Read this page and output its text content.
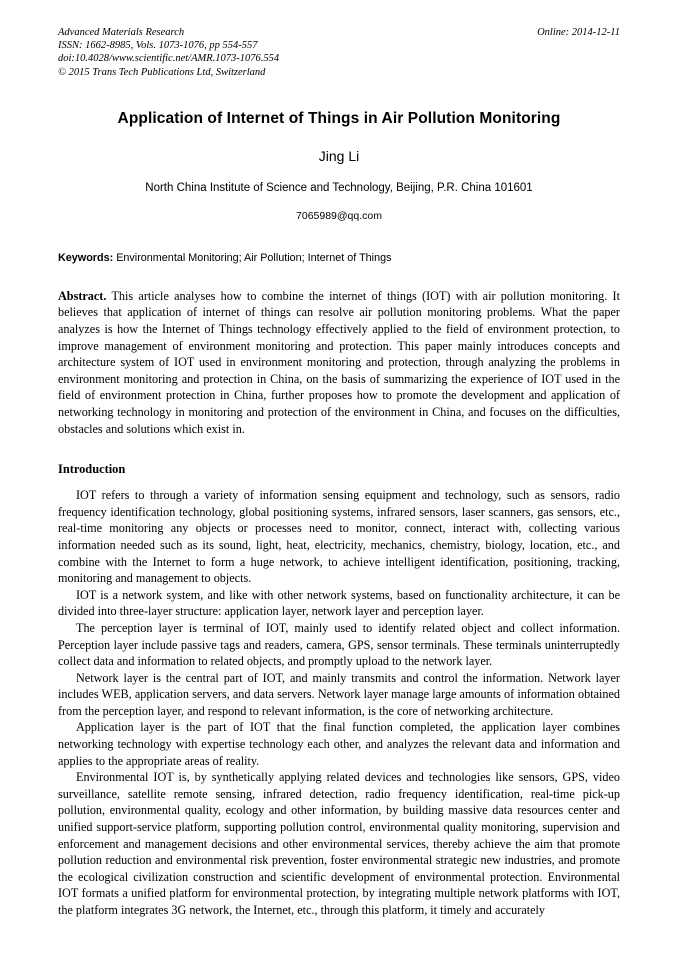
Advanced Materials Research
ISSN: 1662-8985, Vols. 1073-1076, pp 554-557
doi:10.4028/www.scientific.net/AMR.1073-1076.554
© 2015 Trans Tech Publications Ltd, Switzerland
Online: 2014-12-11
Application of Internet of Things in Air Pollution Monitoring
Jing Li
North China Institute of Science and Technology, Beijing, P.R. China 101601
7065989@qq.com
Keywords: Environmental Monitoring; Air Pollution; Internet of Things
Abstract. This article analyses how to combine the internet of things (IOT) with air pollution monitoring. It believes that application of internet of things can resolve air pollution monitoring problems. What the paper analyzes is how the Internet of Things technology effectively applied to the field of environment protection, to improve management of environment monitoring and protection. This paper mainly introduces concepts and architecture system of IOT used in environment monitoring and protection, through analyzing the problems in environment monitoring and protection in China, on the basis of summarizing the experience of IOT used in the field of environment protection in China, further proposes how to promote the development and application of networking technology in monitoring and protection of the environment in China, and focuses on the difficulties, obstacles and solutions which exist in.
Introduction

IOT refers to through a variety of information sensing equipment and technology, such as sensors, radio frequency identification technology, global positioning systems, infrared sensors, laser scanners, gas sensors, etc., real-time monitoring any objects or processes need to monitor, connect, interact with, collecting various information needed such as its sound, light, heat, electricity, mechanics, chemistry, biology, location, etc., and combine with the Internet to form a huge network, to achieve intelligent identification, positioning, tracking, monitoring and management to objects.

IOT is a network system, and like with other network systems, based on functionality architecture, it can be divided into three-layer structure: application layer, network layer and perception layer.

The perception layer is terminal of IOT, mainly used to identify related object and collect information. Perception layer include passive tags and readers, camera, GPS, sensor terminals. These terminals uninterruptedly collect data and information to related objects, and promptly upload to the network layer.

Network layer is the central part of IOT, and mainly transmits and control the information. Network layer includes WEB, application servers, and data servers. Network layer manage large amounts of information obtained from the perception layer, and respond to relevant information, is the core of networking architecture.

Application layer is the part of IOT that the final function completed, the application layer combines networking technology with expertise technology each other, and analyzes the relevant data and information and applies to the appropriate areas of reality.

Environmental IOT is, by synthetically applying related devices and technologies like sensors, GPS, video surveillance, satellite remote sensing, infrared detection, radio frequency identification, real-time pick-up pollution, environmental quality, ecology and other information, by building massive data resources center and unified support-service platform, supporting pollution control, environmental quality monitoring, supervision and enforcement and management decisions and other environmental services, thereby achieve the aim that promote pollution reduction and environmental risk prevention, foster environmental strategic new industries, and promote the ecological civilization construction and scientific development of environmental protection. Environmental IOT formats a unified platform for environmental protection, by integrating multiple network platforms with IOT, the platform integrates 3G network, the Internet, etc., through this platform, it timely and accurately
